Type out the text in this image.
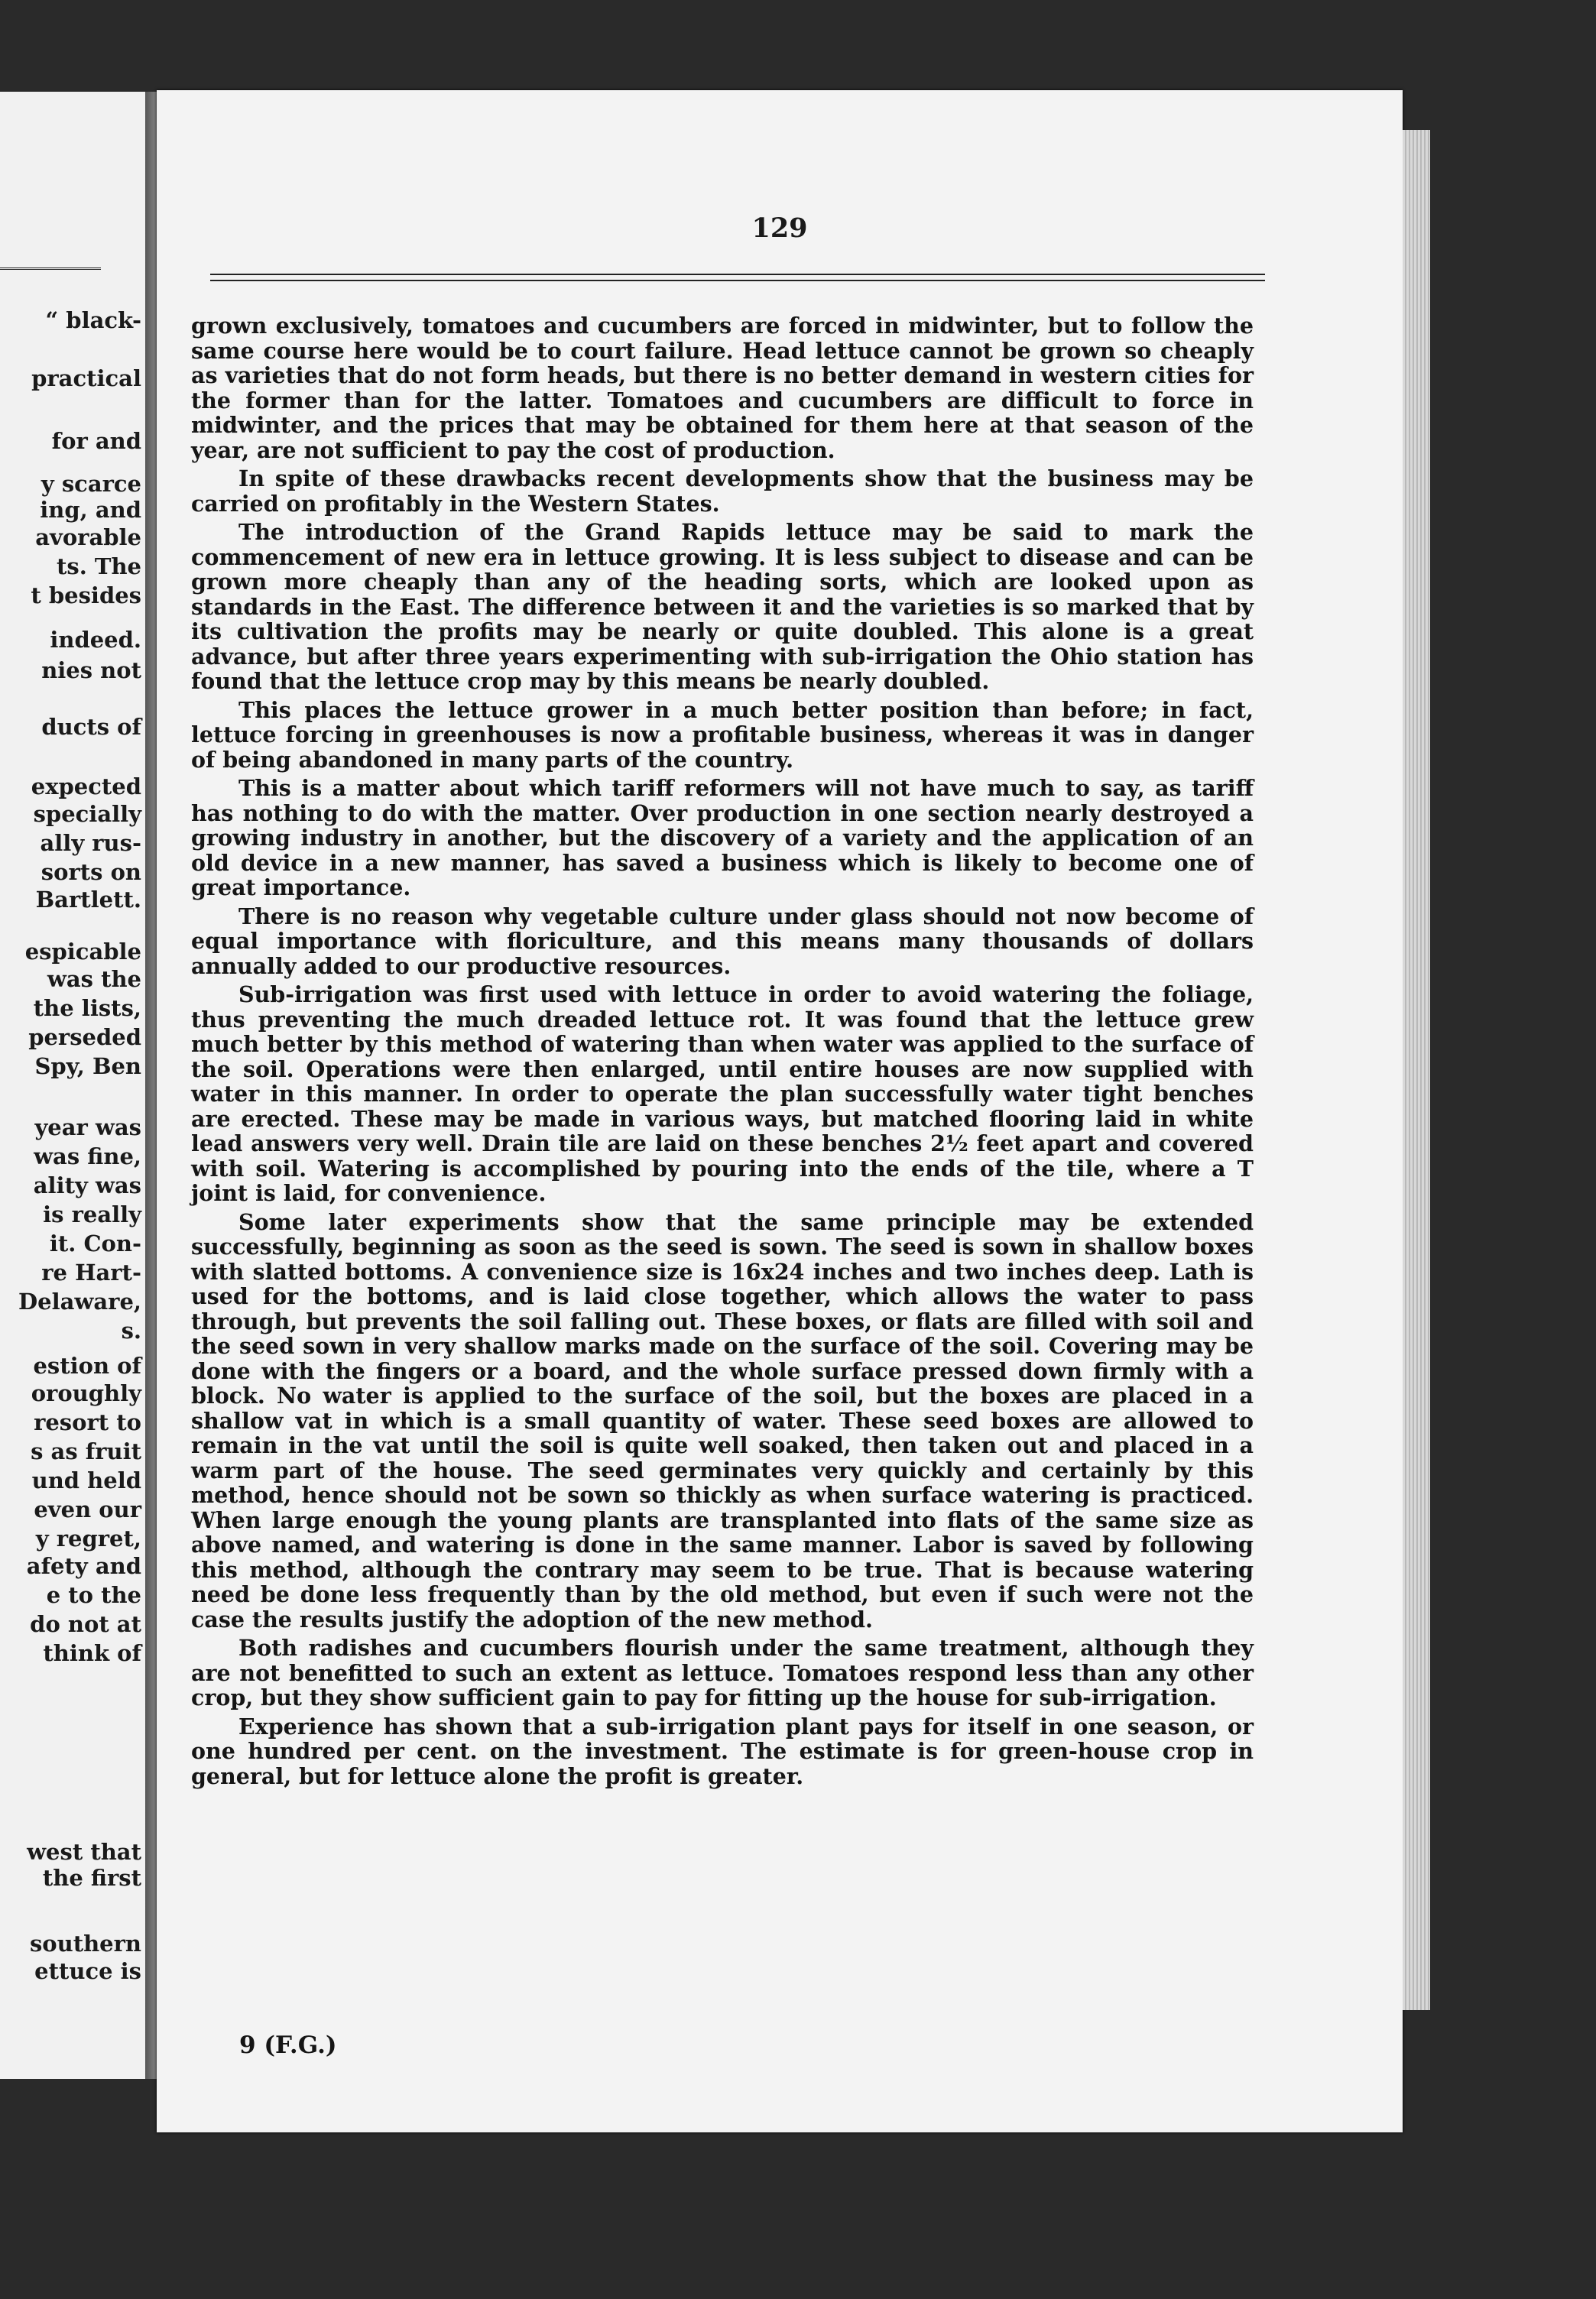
“ black-
practical
for and
y scarce
ing, and
avorable
ts. The
t besides
indeed.
nies not
ducts of
expected
specially
ally rus-
sorts on
Bartlett.
espicable
was the
the lists,
perseded
Spy, Ben
year was
was fine,
ality was
is really
it. Con-
re Hart-
Delaware,
s.
estion of
oroughly
resort to
s as fruit
und held
even our
y regret,
afety and
e to the
do not at
think of
west that
the first
southern
ettuce is
129

grown exclusively, tomatoes and cucumbers are forced in midwinter, but to follow the same course here would be to court failure. Head lettuce cannot be grown so cheaply as varieties that do not form heads, but there is no better demand in western cities for the former than for the latter. Tomatoes and cucumbers are difficult to force in midwinter, and the prices that may be obtained for them here at that season of the year, are not sufficient to pay the cost of production.

In spite of these drawbacks recent developments show that the business may be carried on profitably in the Western States.

The introduction of the Grand Rapids lettuce may be said to mark the commencement of new era in lettuce growing. It is less subject to disease and can be grown more cheaply than any of the heading sorts, which are looked upon as standards in the East. The difference between it and the varieties is so marked that by its cultivation the profits may be nearly or quite doubled. This alone is a great advance, but after three years experimenting with sub-irrigation the Ohio station has found that the lettuce crop may by this means be nearly doubled.

This places the lettuce grower in a much better position than before; in fact, lettuce forcing in greenhouses is now a profitable business, whereas it was in danger of being abandoned in many parts of the country.

This is a matter about which tariff reformers will not have much to say, as tariff has nothing to do with the matter. Over production in one section nearly destroyed a growing industry in another, but the discovery of a variety and the application of an old device in a new manner, has saved a business which is likely to become one of great importance.

There is no reason why vegetable culture under glass should not now become of equal importance with floriculture, and this means many thousands of dollars annually added to our productive resources.

Sub-irrigation was first used with lettuce in order to avoid watering the foliage, thus preventing the much dreaded lettuce rot. It was found that the lettuce grew much better by this method of watering than when water was applied to the surface of the soil. Operations were then enlarged, until entire houses are now supplied with water in this manner. In order to operate the plan successfully water tight benches are erected. These may be made in various ways, but matched flooring laid in white lead answers very well. Drain tile are laid on these benches 2½ feet apart and covered with soil. Watering is accomplished by pouring into the ends of the tile, where a T joint is laid, for convenience.

Some later experiments show that the same principle may be extended successfully, beginning as soon as the seed is sown. The seed is sown in shallow boxes with slatted bottoms. A convenience size is 16x24 inches and two inches deep. Lath is used for the bottoms, and is laid close together, which allows the water to pass through, but prevents the soil falling out. These boxes, or flats are filled with soil and the seed sown in very shallow marks made on the surface of the soil. Covering may be done with the fingers or a board, and the whole surface pressed down firmly with a block. No water is applied to the surface of the soil, but the boxes are placed in a shallow vat in which is a small quantity of water. These seed boxes are allowed to remain in the vat until the soil is quite well soaked, then taken out and placed in a warm part of the house. The seed germinates very quickly and certainly by this method, hence should not be sown so thickly as when surface watering is practiced. When large enough the young plants are transplanted into flats of the same size as above named, and watering is done in the same manner. Labor is saved by following this method, although the contrary may seem to be true. That is because watering need be done less frequently than by the old method, but even if such were not the case the results justify the adoption of the new method.

Both radishes and cucumbers flourish under the same treatment, although they are not benefitted to such an extent as lettuce. Tomatoes respond less than any other crop, but they show sufficient gain to pay for fitting up the house for sub-irrigation.

Experience has shown that a sub-irrigation plant pays for itself in one season, or one hundred per cent. on the investment. The estimate is for green-house crop in general, but for lettuce alone the profit is greater.

9 (F.G.)
